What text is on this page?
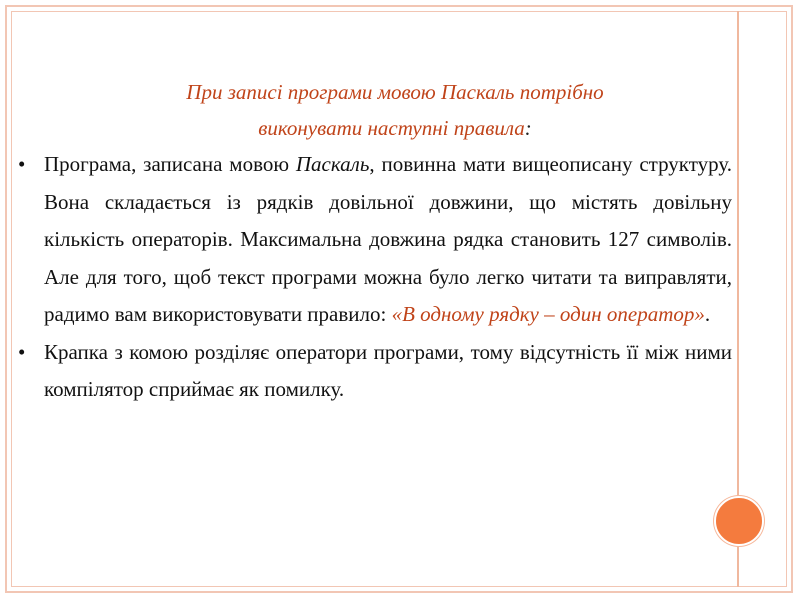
При записі програми мовою Паскаль потрібно
виконувати наступні правила:
• Програма, записана мовою Паскаль, повинна мати вищеописану структуру. Вона складається із рядків довільної довжини, що містять довільну кількість операторів. Максимальна довжина рядка становить 127 символів. Але для того, щоб текст програми можна було легко читати та виправляти, радимо вам використовувати правило: «В одному рядку – один оператор».
• Крапка з комою розділяє оператори програми, тому відсутність її між ними компілятор сприймає як помилку.
